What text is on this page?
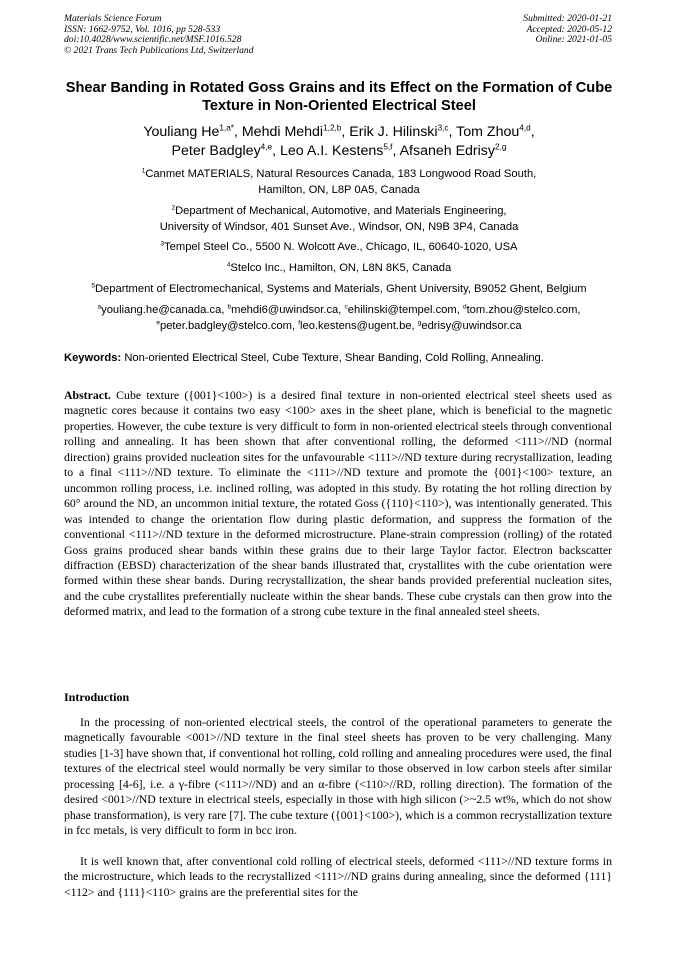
Materials Science Forum
ISSN: 1662-9752, Vol. 1016, pp 528-533
doi:10.4028/www.scientific.net/MSF.1016.528
© 2021 Trans Tech Publications Ltd, Switzerland
Submitted: 2020-01-21
Accepted: 2020-05-12
Online: 2021-01-05
Shear Banding in Rotated Goss Grains and its Effect on the Formation of Cube Texture in Non-Oriented Electrical Steel
Youliang $He^{1,a*}$, Mehdi Mehdi$^{1,2,b}$, Erik J. Hilinski$^{3,c}$, Tom Zhou$^{4,d}$,
Peter Badgley$^{4,e}$, Leo A.I. Kestens$^{5,f}$, Afsaneh Edrisy$^{2,g}$
$^1$Canmet MATERIALS, Natural Resources Canada, 183 Longwood Road South,
Hamilton, ON, L8P 0A5, Canada
$^2$Department of Mechanical, Automotive, and Materials Engineering,
University of Windsor, 401 Sunset Ave., Windsor, ON, N9B 3P4, Canada
$^3$Tempel Steel Co., 5500 N. Wolcott Ave., Chicago, IL, 60640-1020, USA
$^4$Stelco Inc., Hamilton, ON, L8N 8K5, Canada
$^5$Department of Electromechanical, Systems and Materials, Ghent University, B9052 Ghent, Belgium
$^a$youliang.he@canada.ca, $^b$mehdi6@uwindsor.ca, $^c$ehilinski@tempel.com, $^d$tom.zhou@stelco.com,
$^e$peter.badgley@stelco.com, $^f$leo.kestens@ugent.be, $^g$edrisy@uwindsor.ca
Keywords: Non-oriented Electrical Steel, Cube Texture, Shear Banding, Cold Rolling, Annealing.
Abstract. Cube texture ({001}<100>) is a desired final texture in non-oriented electrical steel sheets used as magnetic cores because it contains two easy <100> axes in the sheet plane, which is beneficial to the magnetic properties. However, the cube texture is very difficult to form in non-oriented electrical steels through conventional rolling and annealing. It has been shown that after conventional rolling, the deformed <111>//ND (normal direction) grains provided nucleation sites for the unfavourable <111>//ND texture during recrystallization, leading to a final <111>//ND texture. To eliminate the <111>//ND texture and promote the {001}<100> texture, an uncommon rolling process, i.e. inclined rolling, was adopted in this study. By rotating the hot rolling direction by 60° around the ND, an uncommon initial texture, the rotated Goss ({110}<110>), was intentionally generated. This was intended to change the orientation flow during plastic deformation, and suppress the formation of the conventional <111>//ND texture in the deformed microstructure. Plane-strain compression (rolling) of the rotated Goss grains produced shear bands within these grains due to their large Taylor factor. Electron backscatter diffraction (EBSD) characterization of the shear bands illustrated that, crystallites with the cube orientation were formed within these shear bands. During recrystallization, the shear bands provided preferential nucleation sites, and the cube crystallites preferentially nucleate within the shear bands. These cube crystals can then grow into the deformed matrix, and lead to the formation of a strong cube texture in the final annealed steel sheets.
Introduction
In the processing of non-oriented electrical steels, the control of the operational parameters to generate the magnetically favourable <001>//ND texture in the final steel sheets has proven to be very challenging. Many studies [1-3] have shown that, if conventional hot rolling, cold rolling and annealing procedures were used, the final textures of the electrical steel would normally be very similar to those observed in low carbon steels after similar processing [4-6], i.e. a γ-fibre (<111>//ND) and an α-fibre (<110>//RD, rolling direction). The formation of the desired <001>//ND texture in electrical steels, especially in those with high silicon (>~2.5 wt%, which do not show phase transformation), is very rare [7]. The cube texture ({001}<100>), which is a common recrystallization texture in fcc metals, is very difficult to form in bcc iron.
It is well known that, after conventional cold rolling of electrical steels, deformed <111>//ND texture forms in the microstructure, which leads to the recrystallized <111>//ND grains during annealing, since the deformed {111}<112> and {111}<110> grains are the preferential sites for the
